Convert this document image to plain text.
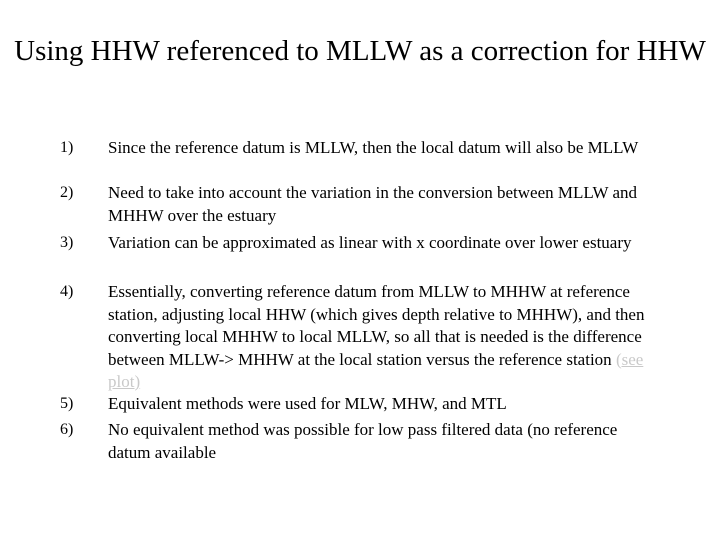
Using HHW referenced to MLLW as a correction for HHW
1) Since the reference datum is MLLW, then the local datum will also be MLLW
2) Need to take into account the variation in the conversion between MLLW and MHHW over the estuary
3) Variation can be approximated as linear with x coordinate over lower estuary
4) Essentially, converting reference datum from MLLW to MHHW at reference station, adjusting local HHW (which gives depth relative to MHHW), and then converting local MHHW to local MLLW, so all that is needed is the difference between MLLW-> MHHW at the local station versus the reference station (see plot)
5) Equivalent methods were used for MLW, MHW, and MTL
6) No equivalent method was possible for low pass filtered data (no reference datum available
